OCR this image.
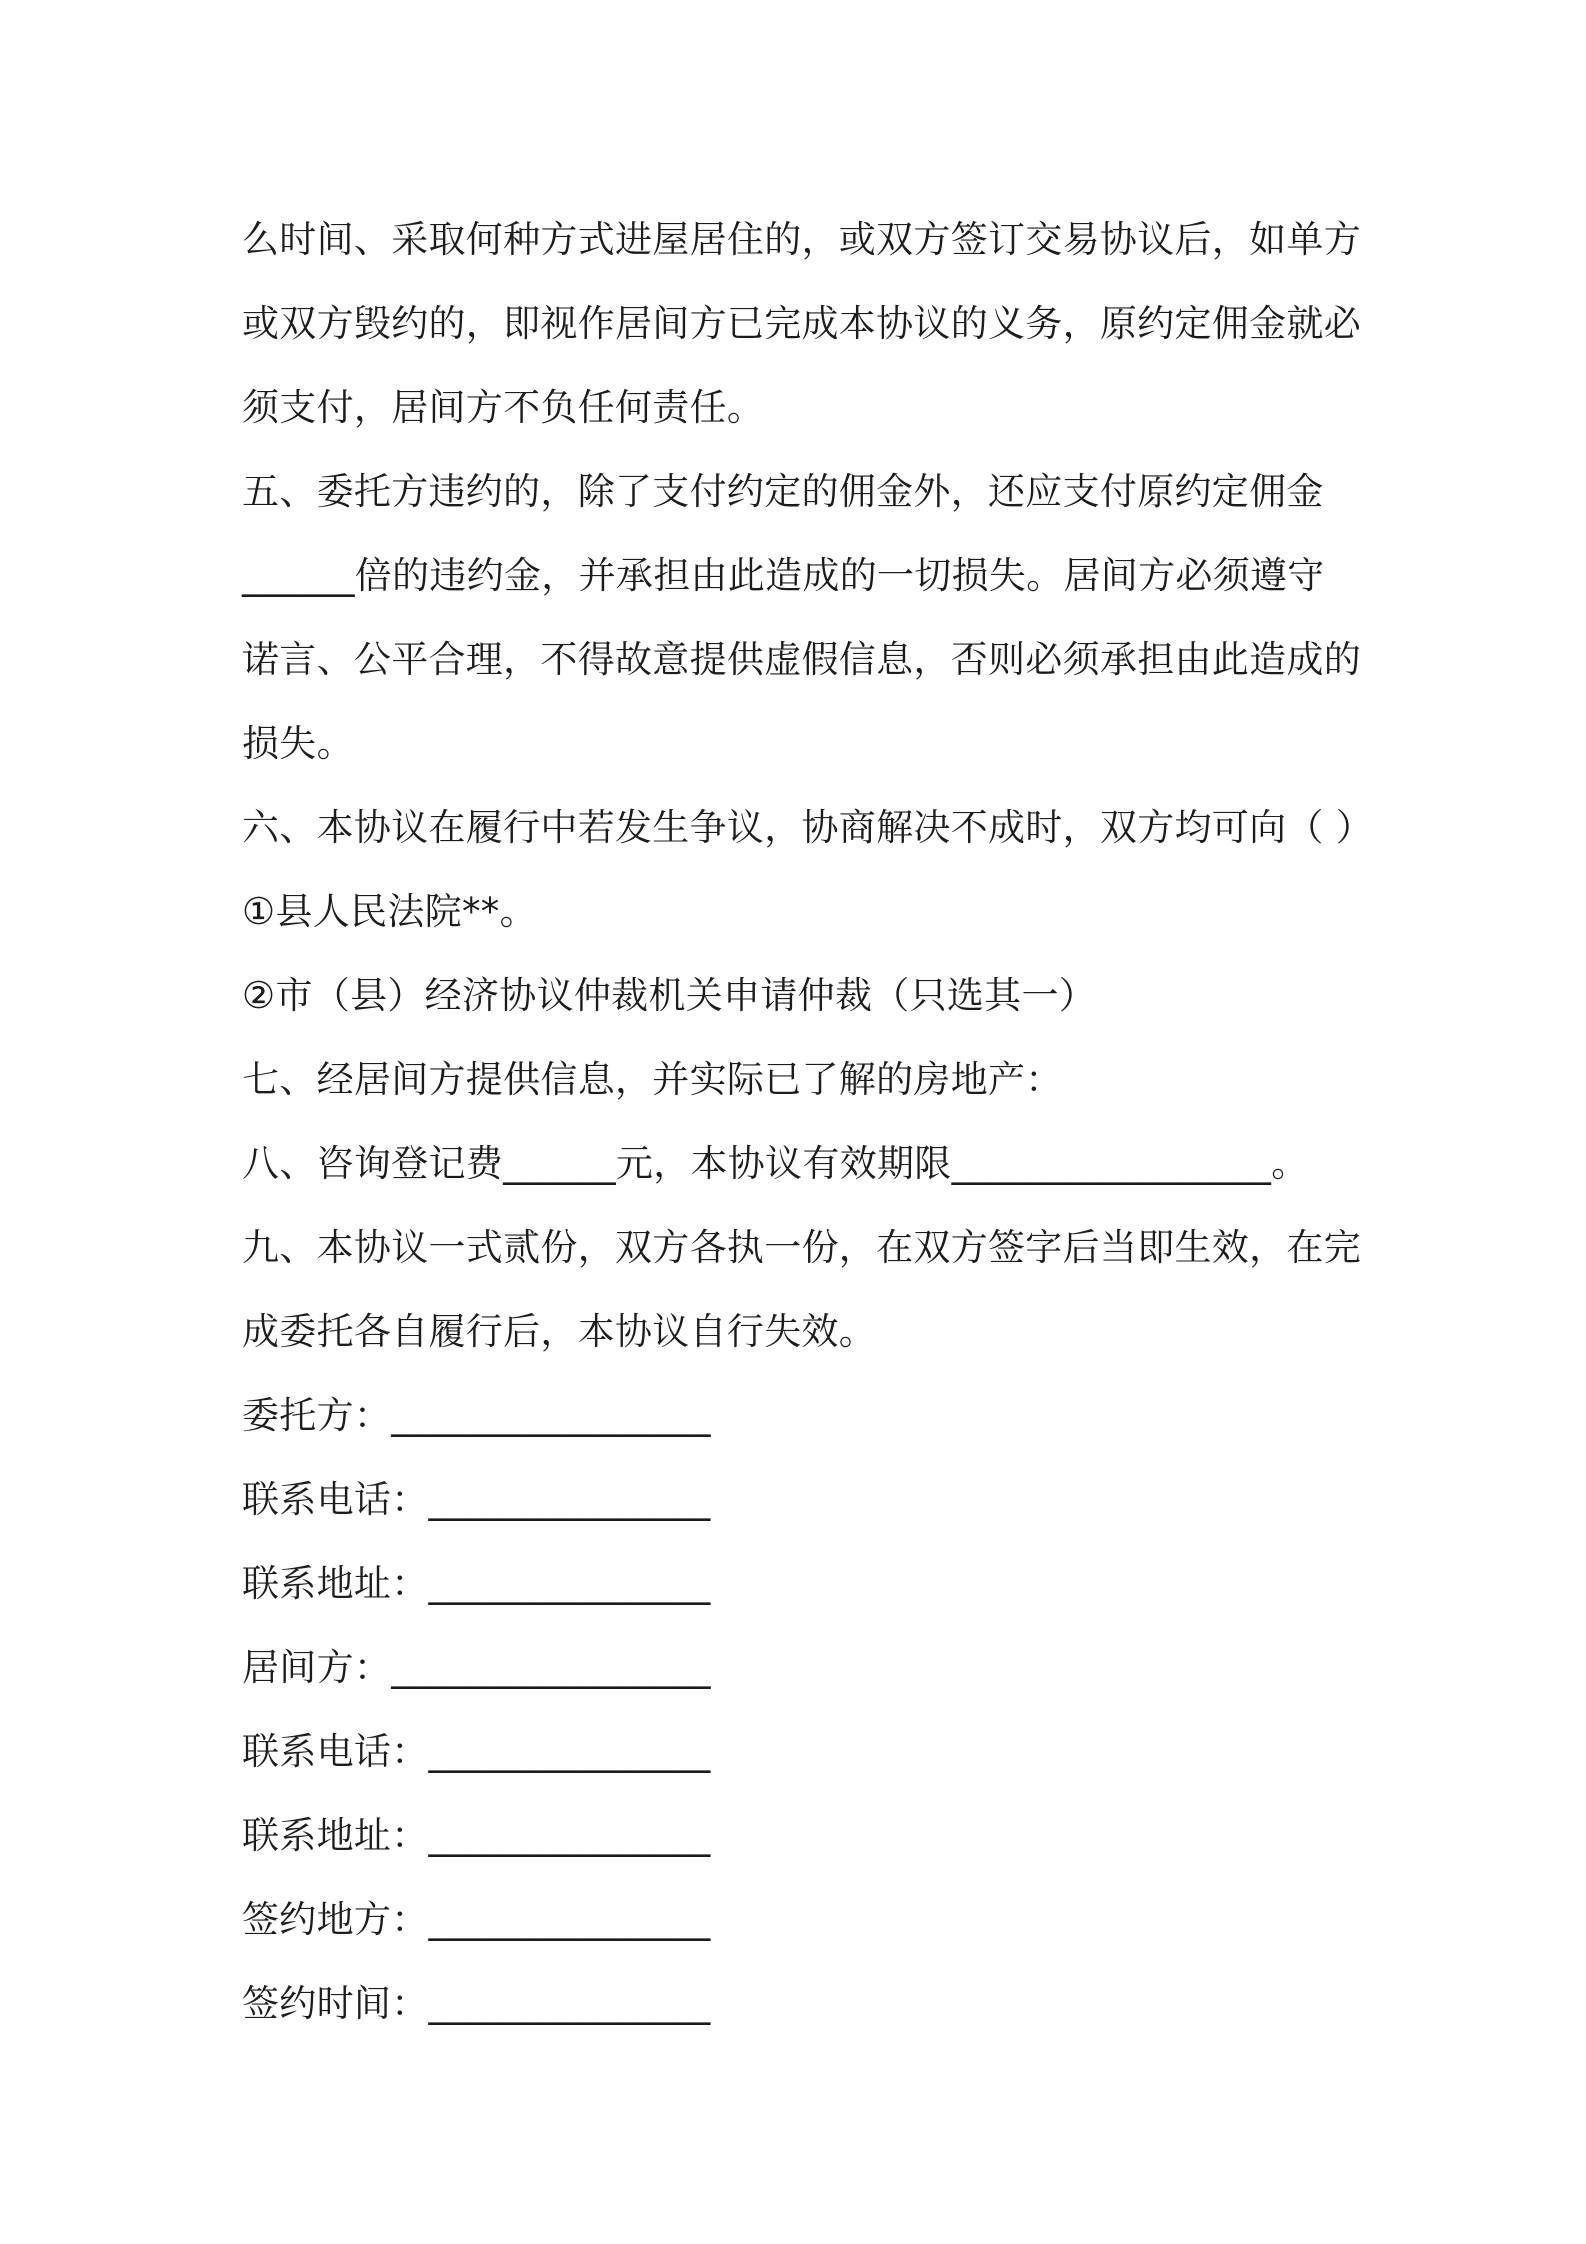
么时间、采取何种方式进屋居住的，或双方签订交易协议后，如单方
或双方毁约的，即视作居间方已完成本协议的义务，原约定佣金就必
须支付，居间方不负任何责任。
五、委托方违约的，除了支付约定的佣金外，还应支付原约定佣金
______倍的违约金，并承担由此造成的一切损失。居间方必须遵守
诺言、公平合理，不得故意提供虚假信息，否则必须承担由此造成的
损失。
六、本协议在履行中若发生争议，协商解决不成时，双方均可向（ ）
①县人民法院**。
②市（县）经济协议仲裁机关申请仲裁（只选其一）
七、经居间方提供信息，并实际已了解的房地产：
八、咨询登记费______元，本协议有效期限_________________。
九、本协议一式贰份，双方各执一份，在双方签字后当即生效，在完
成委托各自履行后，本协议自行失效。
委托方：_________________
联系电话：_______________
联系地址：_______________
居间方：_________________
联系电话：_______________
联系地址：_______________
签约地方：_______________
签约时间：_______________
